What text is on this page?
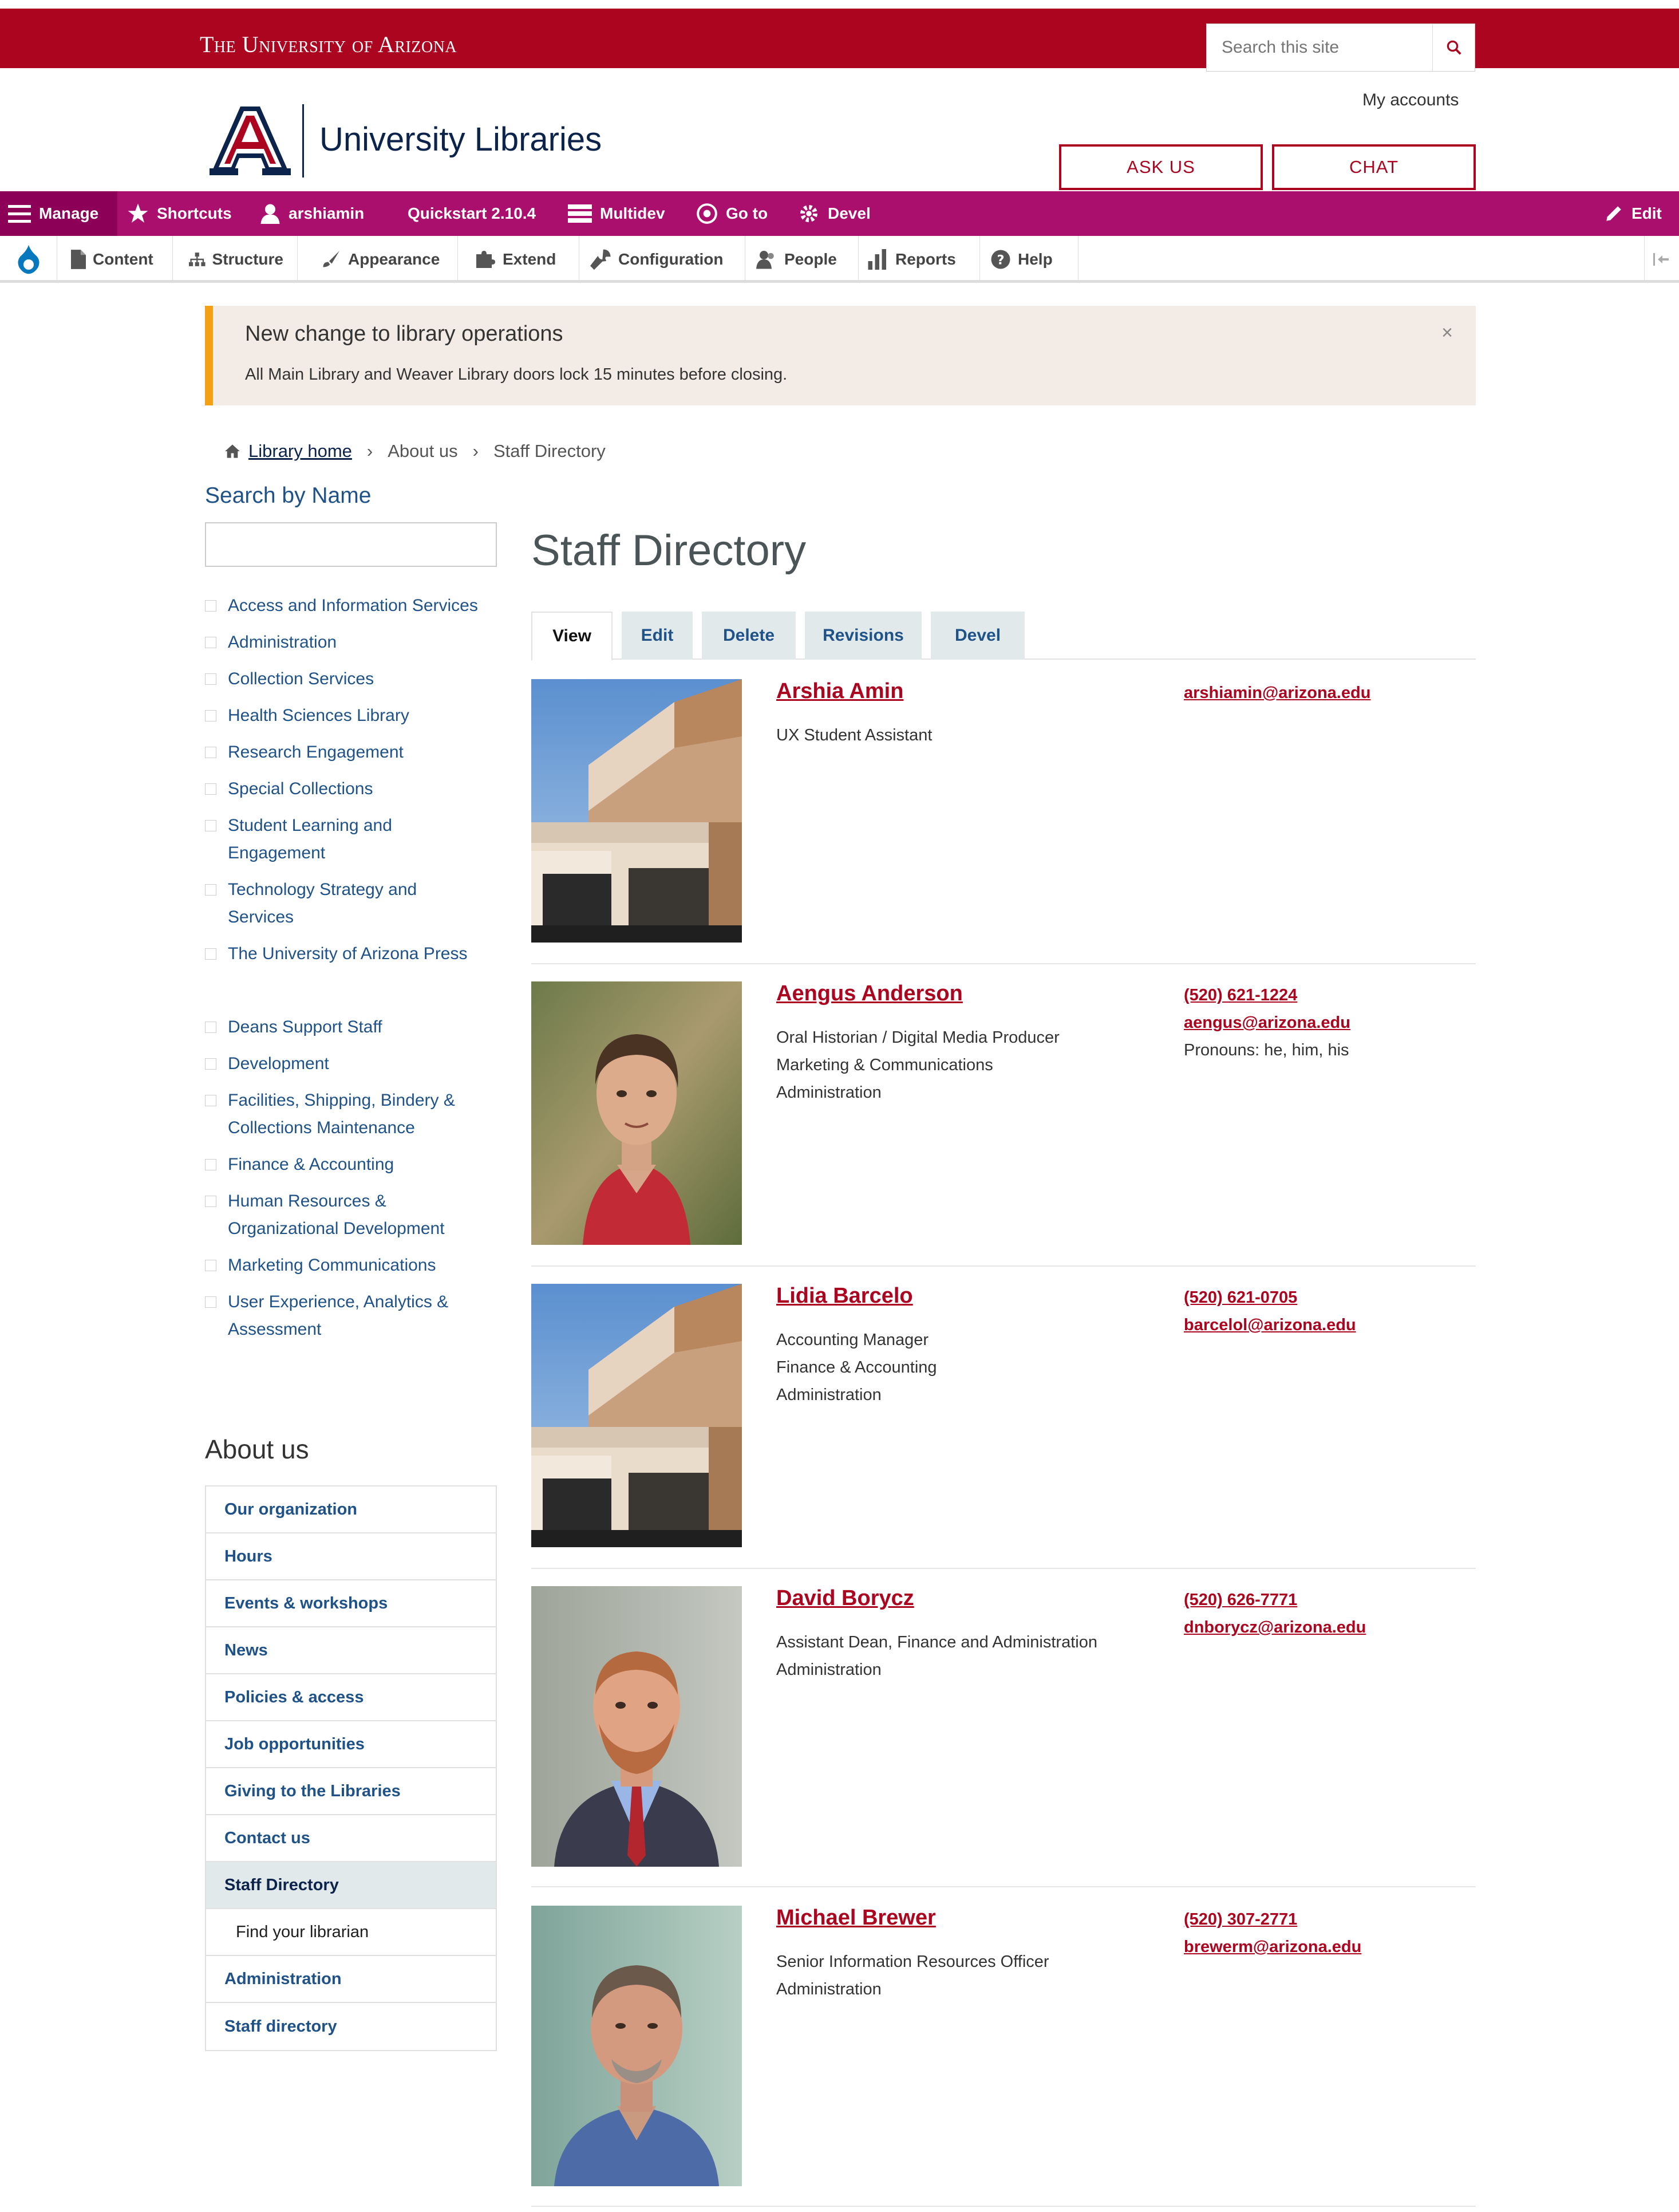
The University of Arizona
Search this site
University Libraries
My accounts
ASK US	CHAT
Manage	Shortcuts	arshiamin	Quickstart 2.10.4	Multidev	Go to	Devel	Edit
Content	Structure	Appearance	Extend	Configuration	People	Reports	? Help
New change to library operations
All Main Library and Weaver Library doors lock 15 minutes before closing.
×
Library home › About us › Staff Directory
Search by Name
Access and Information Services
Administration
Collection Services
Health Sciences Library
Research Engagement
Special Collections
Student Learning and Engagement
Technology Strategy and Services
The University of Arizona Press
Deans Support Staff
Development
Facilities, Shipping, Bindery & Collections Maintenance
Finance & Accounting
Human Resources & Organizational Development
Marketing Communications
User Experience, Analytics & Assessment
About us
Our organization
Hours
Events & workshops
News
Policies & access
Job opportunities
Giving to the Libraries
Contact us
Staff Directory
Find your librarian
Administration
Staff directory
Staff Directory
View	Edit	Delete	Revisions	Devel
Arshia Amin
UX Student Assistant
arshiamin@arizona.edu
Aengus Anderson
Oral Historian / Digital Media Producer
Marketing & Communications
Administration
(520) 621-1224
aengus@arizona.edu
Pronouns: he, him, his
Lidia Barcelo
Accounting Manager
Finance & Accounting
Administration
(520) 621-0705
barcelol@arizona.edu
David Borycz
Assistant Dean, Finance and Administration
Administration
(520) 626-7771
dnborycz@arizona.edu
Michael Brewer
Senior Information Resources Officer
Administration
(520) 307-2771
brewerm@arizona.edu
